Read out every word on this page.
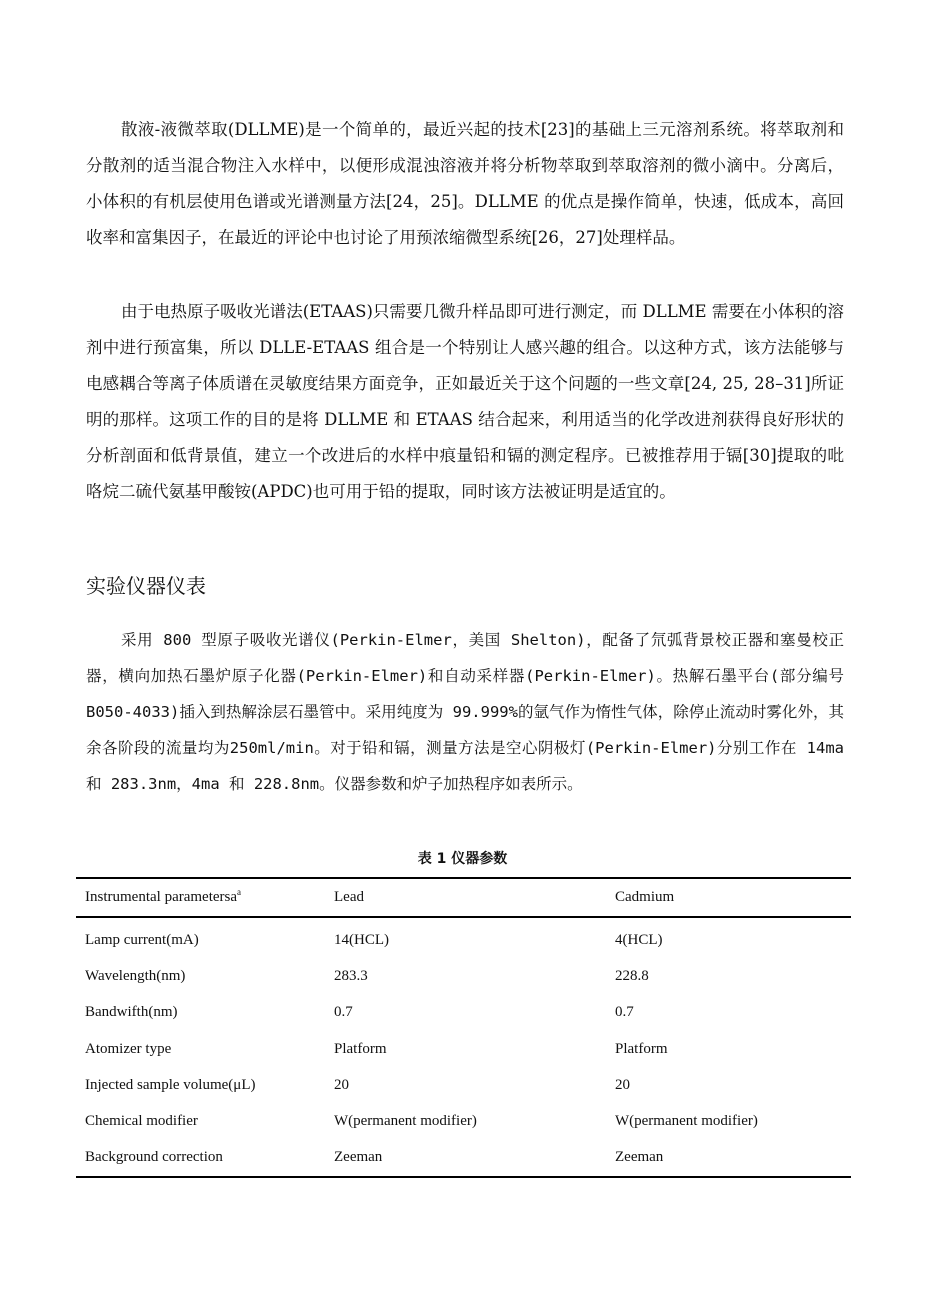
散液-液微萃取(DLLME)是一个简单的，最近兴起的技术[23]的基础上三元溶剂系统。将萃取剂和分散剂的适当混合物注入水样中，以便形成混浊溶液并将分析物萃取到萃取溶剂的微小滴中。分离后，小体积的有机层使用色谱或光谱测量方法[24，25]。DLLME 的优点是操作简单，快速，低成本，高回收率和富集因子，在最近的评论中也讨论了用预浓缩微型系统[26，27]处理样品。

由于电热原子吸收光谱法(ETAAS)只需要几微升样品即可进行测定，而 DLLME 需要在小体积的溶剂中进行预富集，所以 DLLE-ETAAS 组合是一个特别让人感兴趣的组合。以这种方式，该方法能够与电感耦合等离子体质谱在灵敏度结果方面竞争，正如最近关于这个问题的一些文章[24, 25, 28–31]所证明的那样。这项工作的目的是将 DLLME 和 ETAAS 结合起来，利用适当的化学改进剂获得良好形状的分析剖面和低背景值，建立一个改进后的水样中痕量铅和镉的测定程序。已被推荐用于镉[30]提取的吡咯烷二硫代氨基甲酸铵(APDC)也可用于铅的提取，同时该方法被证明是适宜的。

实验仪器仪表

采用 800 型原子吸收光谱仪(Perkin-Elmer，美国 Shelton)，配备了氘弧背景校正器和塞曼校正器，横向加热石墨炉原子化器(Perkin-Elmer)和自动采样器(Perkin-Elmer)。热解石墨平台(部分编号 B050-4033)插入到热解涂层石墨管中。采用纯度为 99.999%的氩气作为惰性气体，除停止流动时雾化外，其余各阶段的流量均为250ml/min。对于铅和镉，测量方法是空心阴极灯(Perkin-Elmer)分别工作在 14ma 和 283.3nm，4ma 和 228.8nm。仪器参数和炉子加热程序如表所示。

表 1 仪器参数
Instrumental parametersa$^a$	Lead	Cadmium
Lamp current(mA)	14(HCL)	4(HCL)
Wavelength(nm)	283.3	228.8
Bandwifth(nm)	0.7	0.7
Atomizer type	Platform	Platform
Injected sample volume(μL)	20	20
Chemical modifier	W(permanent modifier)	W(permanent modifier)
Background correction	Zeeman	Zeeman
